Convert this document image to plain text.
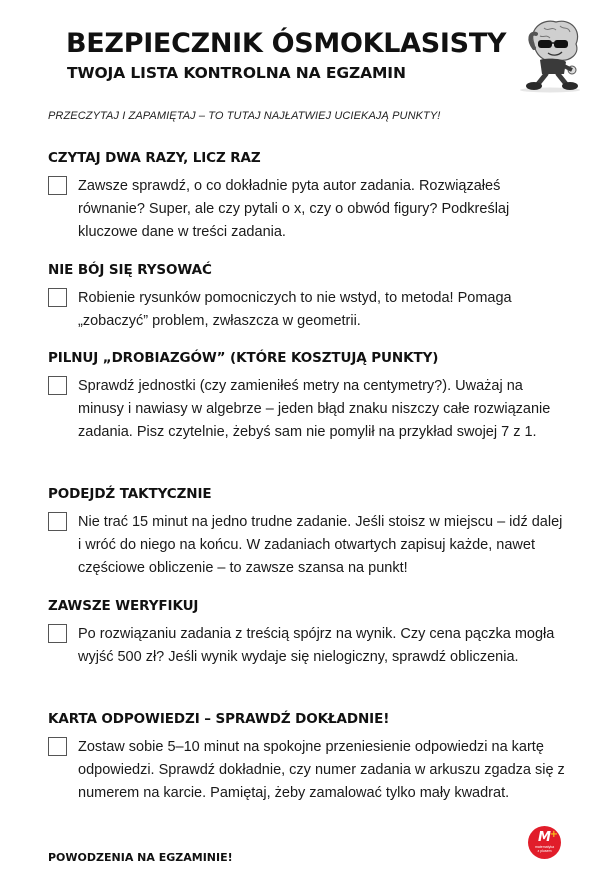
BEZPIECZNIK ÓSMOKLASISTY
TWOJA LISTA KONTROLNA NA EGZAMIN
PRZECZYTAJ I ZAPAMIĘTAJ – TO TUTAJ NAJŁATWIEJ UCIEKAJĄ PUNKTY!
CZYTAJ DWA RAZY, LICZ RAZ

Zawsze sprawdź, o co dokładnie pyta autor zadania. Rozwiązałeś równanie? Super, ale czy pytali o x, czy o obwód figury? Podkreślaj kluczowe dane w treści zadania.

NIE BÓJ SIĘ RYSOWAĆ

Robienie rysunków pomocniczych to nie wstyd, to metoda! Pomaga „zobaczyć” problem, zwłaszcza w geometrii.

PILNUJ „DROBIAZGÓW” (KTÓRE KOSZTUJĄ PUNKTY)

Sprawdź jednostki (czy zamieniłeś metry na centymetry?). Uważaj na minusy i nawiasy w algebrze – jeden błąd znaku niszczy całe rozwiązanie zadania. Pisz czytelnie, żebyś sam nie pomylił na przykład swojej 7 z 1.

PODEJDŹ TAKTYCZNIE

Nie trać 15 minut na jedno trudne zadanie. Jeśli stoisz w miejscu – idź dalej i wróć do niego na końcu. W zadaniach otwartych zapisuj każde, nawet częściowe obliczenie – to zawsze szansa na punkt!

ZAWSZE WERYFIKUJ

Po rozwiązaniu zadania z treścią spójrz na wynik. Czy cena pączka mogła wyjść 500 zł? Jeśli wynik wydaje się nielogiczny, sprawdź obliczenia.

KARTA ODPOWIEDZI – SPRAWDŹ DOKŁADNIE!

Zostaw sobie 5–10 minut na spokojne przeniesienie odpowiedzi na kartę odpowiedzi. Sprawdź dokładnie, czy numer zadania w arkuszu zgadza się z numerem na karcie. Pamiętaj, żeby zamalować tylko mały kwadrat.

POWODZENIA NA EGZAMINIE!
M
+
matematyka
z plusem
